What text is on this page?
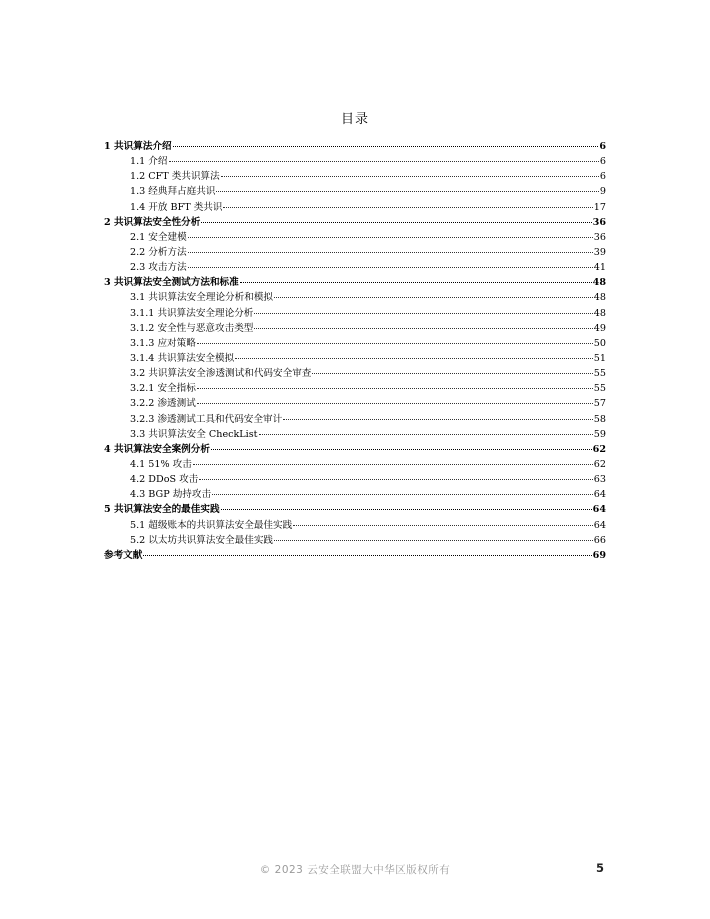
目录
1 共识算法介绍	6
1.1 介绍	6
1.2 CFT 类共识算法	6
1.3 经典拜占庭共识	9
1.4 开放 BFT 类共识	17
2 共识算法安全性分析	36
2.1 安全建模	36
2.2 分析方法	39
2.3 攻击方法	41
3 共识算法安全测试方法和标准	48
3.1 共识算法安全理论分析和模拟	48
3.1.1 共识算法安全理论分析	48
3.1.2 安全性与恶意攻击类型	49
3.1.3 应对策略	50
3.1.4 共识算法安全模拟	51
3.2 共识算法安全渗透测试和代码安全审查	55
3.2.1 安全指标	55
3.2.2 渗透测试	57
3.2.3 渗透测试工具和代码安全审计	58
3.3 共识算法安全 CheckList	59
4 共识算法安全案例分析	62
4.1 51% 攻击	62
4.2 DDoS 攻击	63
4.3 BGP 劫持攻击	64
5 共识算法安全的最佳实践	64
5.1 超级账本的共识算法安全最佳实践	64
5.2 以太坊共识算法安全最佳实践	66
参考文献	69
© 2023 云安全联盟大中华区版权所有	5
